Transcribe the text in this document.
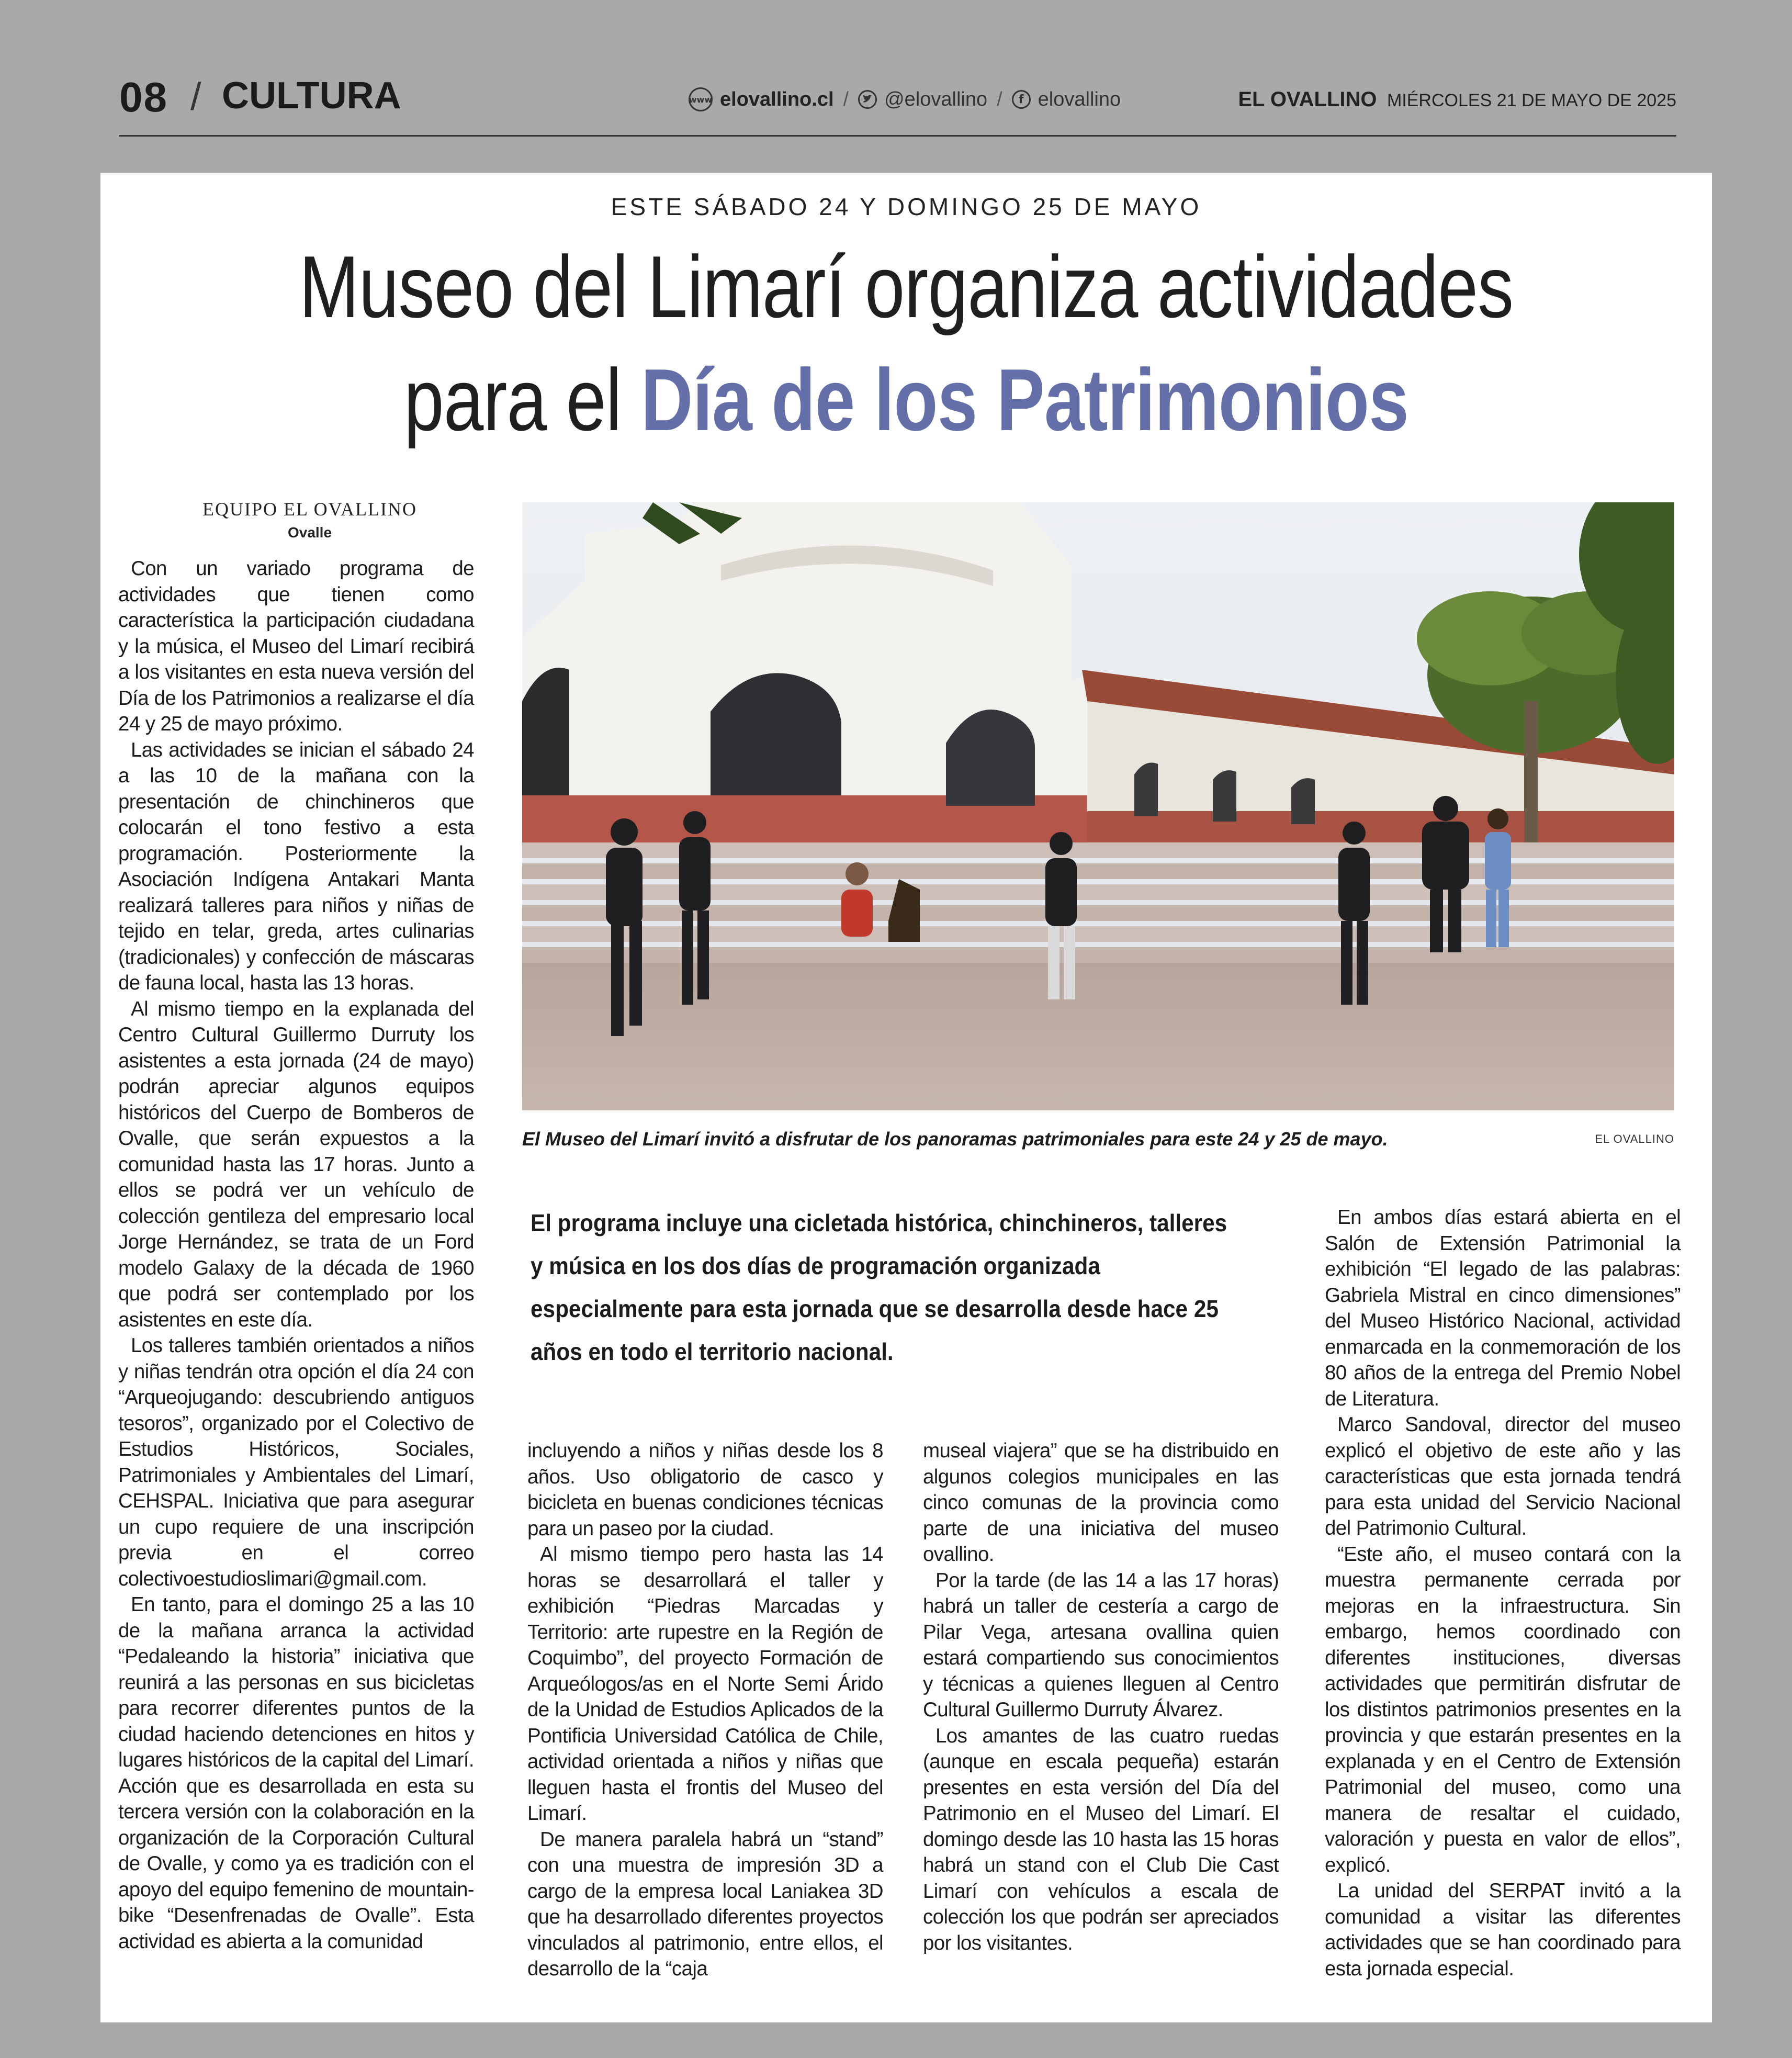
08 / CULTURA	www elovallino.cl / @elovallino /	f elovallino	EL OVALLINO MIÉRCOLES 21 DE MAYO DE 2025
ESTE SÁBADO 24 Y DOMINGO 25 DE MAYO
Museo del Limarí organiza actividades
para el Día de los Patrimonios
EQUIPO EL OVALLINO
Ovalle
El Museo del Limarí invitó a disfrutar de los panoramas patrimoniales para este 24 y 25 de mayo.	EL OVALLINO
El programa incluye una cicletada histórica, chinchineros, talleres y música en los dos días de programación organizada especialmente para esta jornada que se desarrolla desde hace 25 años en todo el territorio nacional.

Con un variado programa de actividades que tienen como característica la participación ciudadana y la música, el Museo del Limarí recibirá a los visitantes en esta nueva versión del Día de los Patrimonios a realizarse el día 24 y 25 de mayo próximo.

Las actividades se inician el sábado 24 a las 10 de la mañana con la presentación de chinchineros que colocarán el tono festivo a esta programación. Posteriormente la Asociación Indígena Antakari Manta realizará talleres para niños y niñas de tejido en telar, greda, artes culinarias (tradicionales) y confección de máscaras de fauna local, hasta las 13 horas.

Al mismo tiempo en la explanada del Centro Cultural Guillermo Durruty los asistentes a esta jornada (24 de mayo) podrán apreciar algunos equipos históricos del Cuerpo de Bomberos de Ovalle, que serán expuestos a la comunidad hasta las 17 horas. Junto a ellos se podrá ver un vehículo de colección gentileza del empresario local Jorge Hernández, se trata de un Ford modelo Galaxy de la década de 1960 que podrá ser contemplado por los asistentes en este día.

Los talleres también orientados a niños y niñas tendrán otra opción el día 24 con “Arqueojugando: descubriendo antiguos tesoros”, organizado por el Colectivo de Estudios Históricos, Sociales, Patrimoniales y Ambientales del Limarí, CEHSPAL. Iniciativa que para asegurar un cupo requiere de una inscripción previa en el correo colectivoestudioslimari@gmail.com.

En tanto, para el domingo 25 a las 10 de la mañana arranca la actividad “Pedaleando la historia” iniciativa que reunirá a las personas en sus bicicletas para recorrer diferentes puntos de la ciudad haciendo detenciones en hitos y lugares históricos de la capital del Limarí. Acción que es desarrollada en esta su tercera versión con la colaboración en la organización de la Corporación Cultural de Ovalle, y como ya es tradición con el apoyo del equipo femenino de mountain-bike “Desenfrenadas de Ovalle”. Esta actividad es abierta a la comunidad

incluyendo a niños y niñas desde los 8 años. Uso obligatorio de casco y bicicleta en buenas condiciones técnicas para un paseo por la ciudad.

Al mismo tiempo pero hasta las 14 horas se desarrollará el taller y exhibición “Piedras Marcadas y Territorio: arte rupestre en la Región de Coquimbo”, del proyecto Formación de Arqueólogos/as en el Norte Semi Árido de la Unidad de Estudios Aplicados de la Pontificia Universidad Católica de Chile, actividad orientada a niños y niñas que lleguen hasta el frontis del Museo del Limarí.

De manera paralela habrá un “stand” con una muestra de impresión 3D a cargo de la empresa local Laniakea 3D que ha desarrollado diferentes proyectos vinculados al patrimonio, entre ellos, el desarrollo de la “caja

museal viajera” que se ha distribuido en algunos colegios municipales en las cinco comunas de la provincia como parte de una iniciativa del museo ovallino.

Por la tarde (de las 14 a las 17 horas) habrá un taller de cestería a cargo de Pilar Vega, artesana ovallina quien estará compartiendo sus conocimientos y técnicas a quienes lleguen al Centro Cultural Guillermo Durruty Álvarez.

Los amantes de las cuatro ruedas (aunque en escala pequeña) estarán presentes en esta versión del Día del Patrimonio en el Museo del Limarí. El domingo desde las 10 hasta las 15 horas habrá un stand con el Club Die Cast Limarí con vehículos a escala de colección los que podrán ser apreciados por los visitantes.

En ambos días estará abierta en el Salón de Extensión Patrimonial la exhibición “El legado de las palabras: Gabriela Mistral en cinco dimensiones” del Museo Histórico Nacional, actividad enmarcada en la conmemoración de los 80 años de la entrega del Premio Nobel de Literatura.

Marco Sandoval, director del museo explicó el objetivo de este año y las características que esta jornada tendrá para esta unidad del Servicio Nacional del Patrimonio Cultural.

“Este año, el museo contará con la muestra permanente cerrada por mejoras en la infraestructura. Sin embargo, hemos coordinado con diferentes instituciones, diversas actividades que permitirán disfrutar de los distintos patrimonios presentes en la provincia y que estarán presentes en la explanada y en el Centro de Extensión Patrimonial del museo, como una manera de resaltar el cuidado, valoración y puesta en valor de ellos”, explicó.

La unidad del SERPAT invitó a la comunidad a visitar las diferentes actividades que se han coordinado para esta jornada especial.
